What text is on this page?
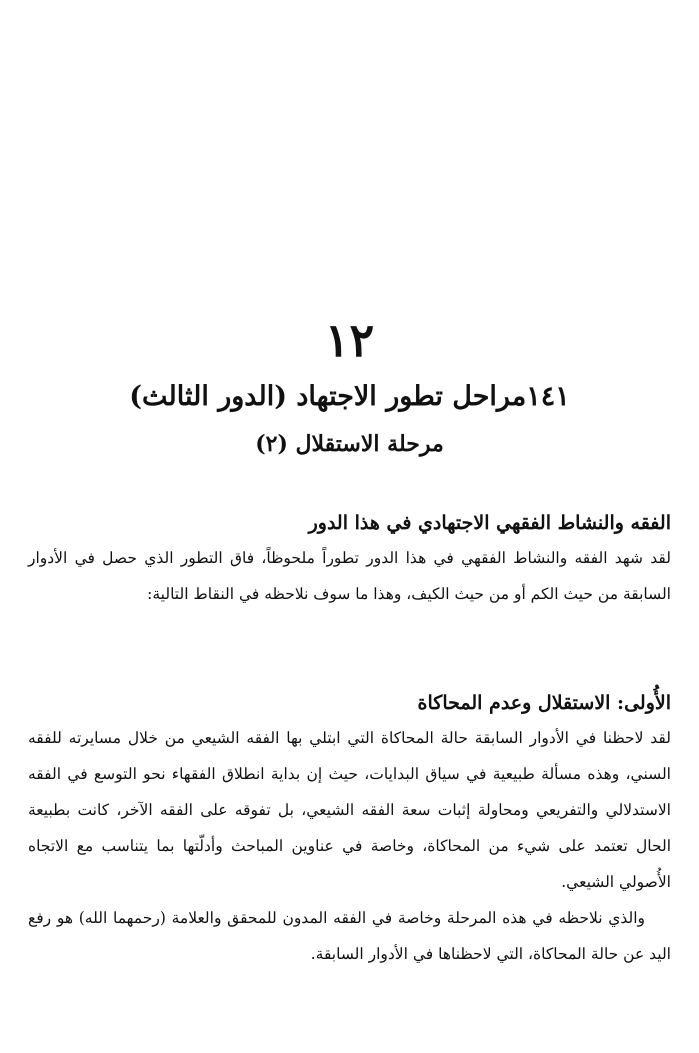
١٢
١٤١مراحل تطور الاجتهاد (الدور الثالث)
مرحلة الاستقلال (٢)
الفقه والنشاط الفقهي الاجتهادي في هذا الدور

لقد شهد الفقه والنشاط الفقهي في هذا الدور تطوراً ملحوظاً، فاق التطور الذي حصل في الأدوار السابقة من حيث الكم أو من حيث الكيف، وهذا ما سوف نلاحظه في النقاط التالية:

الأُولى: الاستقلال وعدم المحاكاة

لقد لاحظنا في الأدوار السابقة حالة المحاكاة التي ابتلي بها الفقه الشيعي من خلال مسايرته للفقه السني، وهذه مسألة طبيعية في سياق البدايات، حيث إن بداية انطلاق الفقهاء نحو التوسع في الفقه الاستدلالي والتفريعي ومحاولة إثبات سعة الفقه الشيعي، بل تفوقه على الفقه الآخر، كانت بطبيعة الحال تعتمد على شيء من المحاكاة، وخاصة في عناوين المباحث وأدلّتها بما يتناسب مع الاتجاه الأُصولي الشيعي.

والذي نلاحظه في هذه المرحلة وخاصة في الفقه المدون للمحقق والعلامة (رحمهما الله) هو رفع اليد عن حالة المحاكاة، التي لاحظناها في الأدوار السابقة.
